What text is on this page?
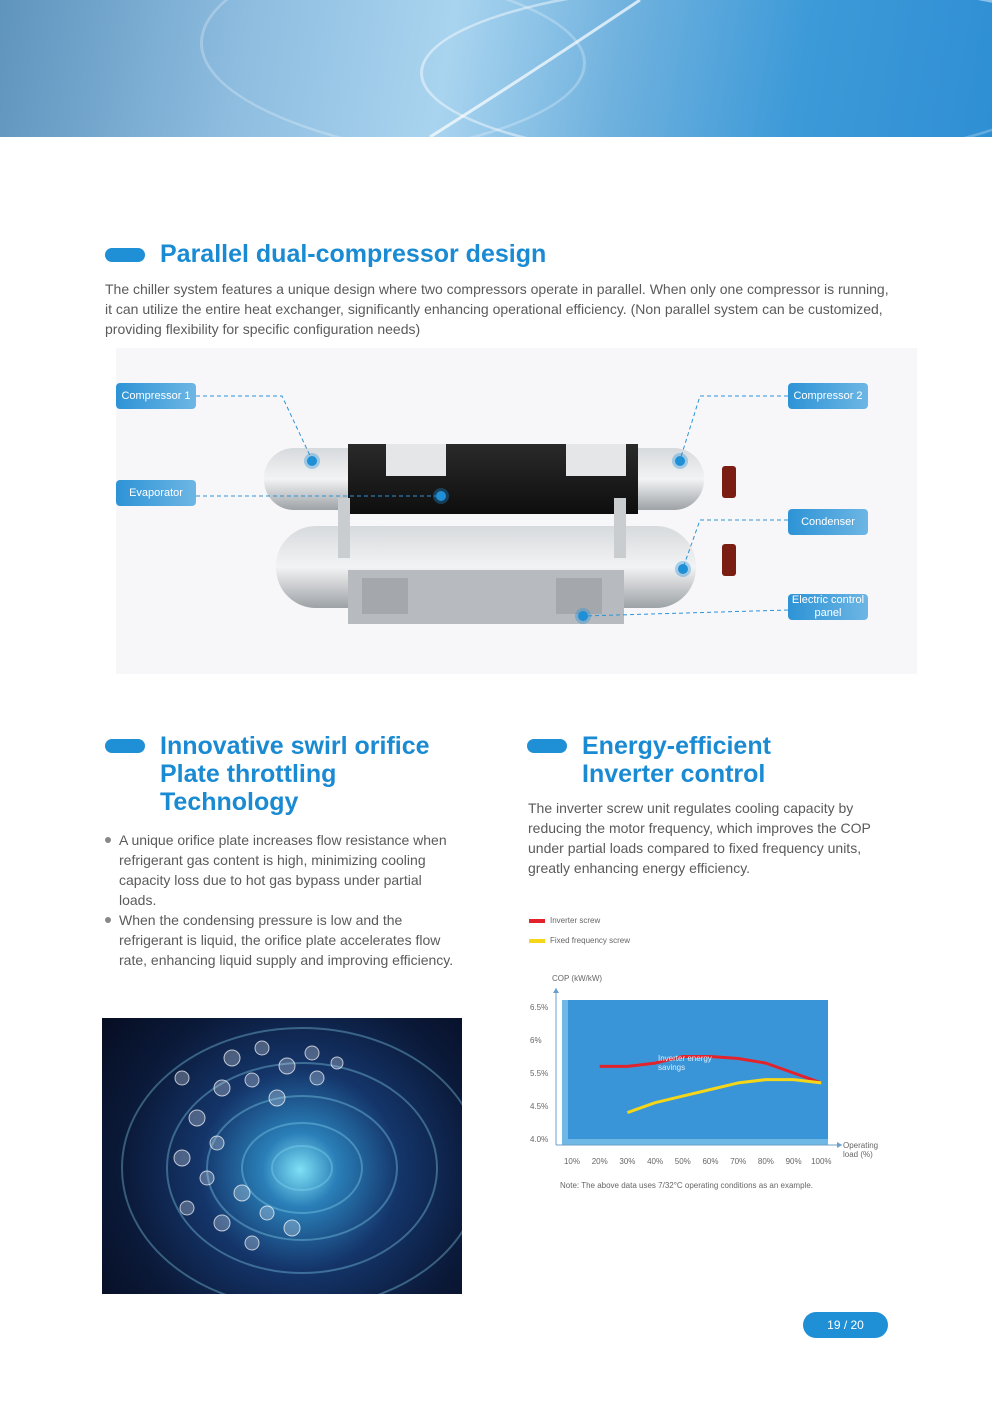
Parallel dual-compressor design
The chiller system features a unique design where two compressors operate in parallel. When only one compressor is running, it can utilize the entire heat exchanger, significantly enhancing operational efficiency. (Non parallel system can be customized, providing flexibility for specific configuration needs)
Compressor 1	Compressor 2
Evaporator
Condenser
Electric control panel
Innovative swirl orifice
Plate throttling
Technology
A unique orifice plate increases flow resistance when refrigerant gas content is high, minimizing cooling capacity loss due to hot gas bypass under partial loads.
When the condensing pressure is low and the refrigerant is liquid, the orifice plate accelerates flow rate, enhancing liquid supply and improving efficiency.
Energy-efficient
Inverter control
The inverter screw unit regulates cooling capacity by reducing the motor frequency, which improves the COP under partial loads compared to fixed frequency units, greatly enhancing energy efficiency.
Inverter screw
Fixed frequency screw
COP (kW/kW)
Operating load (%)
6.5%
6%
5.5%
4.5%
4.0%
10% 20% 30% 40% 50% 60% 70% 80% 90% 100%
Inverter energy savings
Note: The above data uses 7/32°C operating conditions as an example.
19 / 20
